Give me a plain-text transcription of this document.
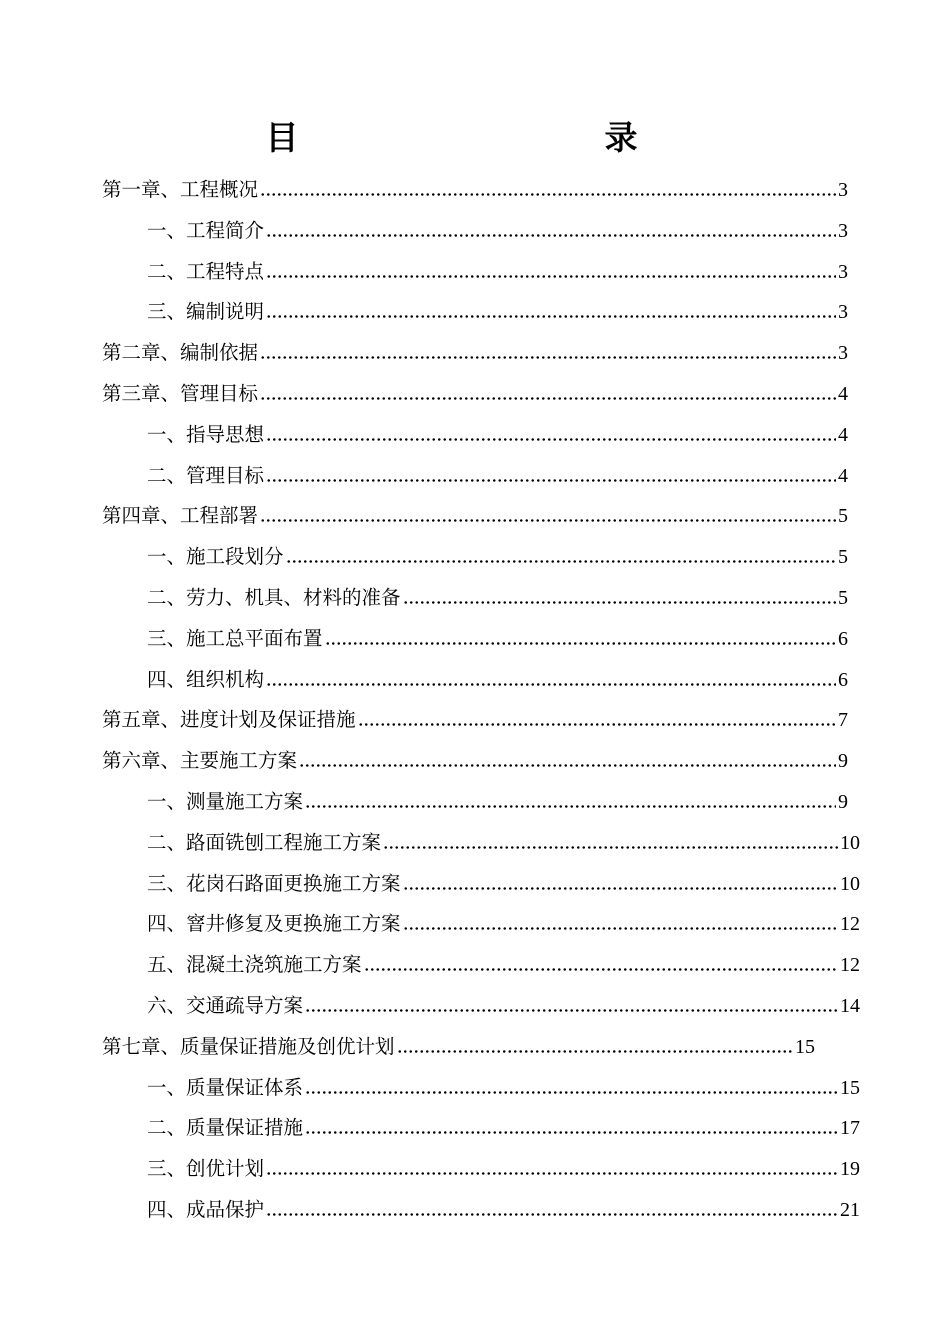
目　　录
第一章、工程概况	3
一、工程简介	3
二、工程特点	3
三、编制说明	3
第二章、编制依据	3
第三章、管理目标	4
一、指导思想	4
二、管理目标	4
第四章、工程部署	5
一、施工段划分	5
二、劳力、机具、材料的准备	5
三、施工总平面布置	6
四、组织机构	6
第五章、进度计划及保证措施	7
第六章、主要施工方案	9
一、测量施工方案	9
二、路面铣刨工程施工方案	10
三、花岗石路面更换施工方案	10
四、窨井修复及更换施工方案	12
五、混凝土浇筑施工方案	12
六、交通疏导方案	14
第七章、质量保证措施及创优计划	15
一、质量保证体系	15
二、质量保证措施	17
三、创优计划	19
四、成品保护	21
